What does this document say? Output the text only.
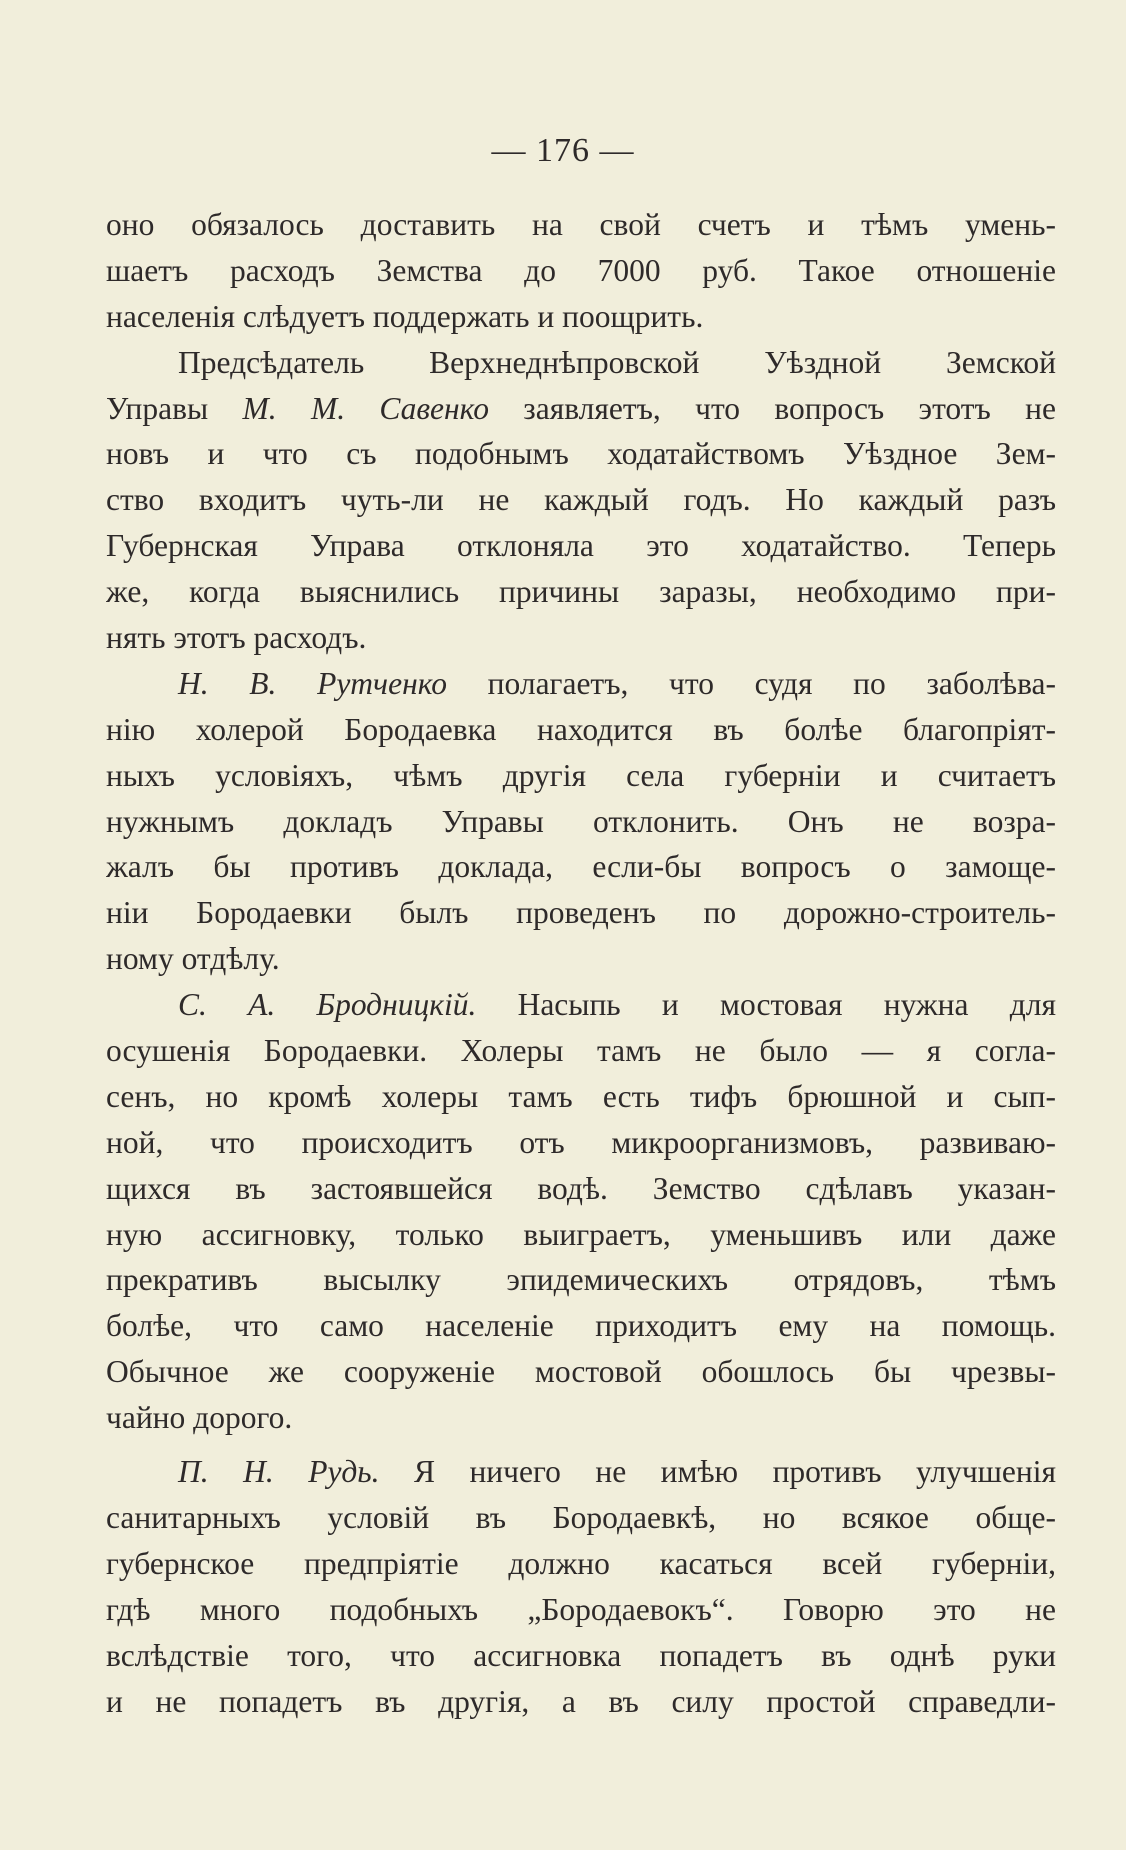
— 176 —
оно обязалось доставить на свой счетъ и тѣмъ умень-
шаетъ расходъ Земства до 7000 руб. Такое отношеніе
населенія слѣдуетъ поддержать и поощрить.
Предсѣдатель Верхнеднѣпровской Уѣздной Земской
Управы М. М. Савенко заявляетъ, что вопросъ этотъ не
новъ и что съ подобнымъ ходатайствомъ Уѣздное Зем-
ство входитъ чуть-ли не каждый годъ. Но каждый разъ
Губернская Управа отклоняла это ходатайство. Теперь
же, когда выяснились причины заразы, необходимо при-
нять этотъ расходъ.
Н. В. Рутченко полагаетъ, что судя по заболѣва-
нію холерой Бородаевка находится въ болѣе благопріят-
ныхъ условіяхъ, чѣмъ другія села губерніи и считаетъ
нужнымъ докладъ Управы отклонить. Онъ не возра-
жалъ бы противъ доклада, если-бы вопросъ о замоще-
ніи Бородаевки былъ проведенъ по дорожно-строитель-
ному отдѣлу.
С. А. Бродницкій. Насыпь и мостовая нужна для
осушенія Бородаевки. Холеры тамъ не было — я согла-
сенъ, но кромѣ холеры тамъ есть тифъ брюшной и сып-
ной, что происходитъ отъ микроорганизмовъ, развиваю-
щихся въ застоявшейся водѣ. Земство сдѣлавъ указан-
ную ассигновку, только выиграетъ, уменьшивъ или даже
прекративъ высылку эпидемическихъ отрядовъ, тѣмъ
болѣе, что само населеніе приходитъ ему на помощь.
Обычное же сооруженіе мостовой обошлось бы чрезвы-
чайно дорого.
П. Н. Рудь. Я ничего не имѣю противъ улучшенія
санитарныхъ условій въ Бородаевкѣ, но всякое обще-
губернское предпріятіе должно касаться всей губерніи,
гдѣ много подобныхъ „Бородаевокъ“. Говорю это не
вслѣдствіе того, что ассигновка попадетъ въ однѣ руки
и не попадетъ въ другія, а въ силу простой справедли-
